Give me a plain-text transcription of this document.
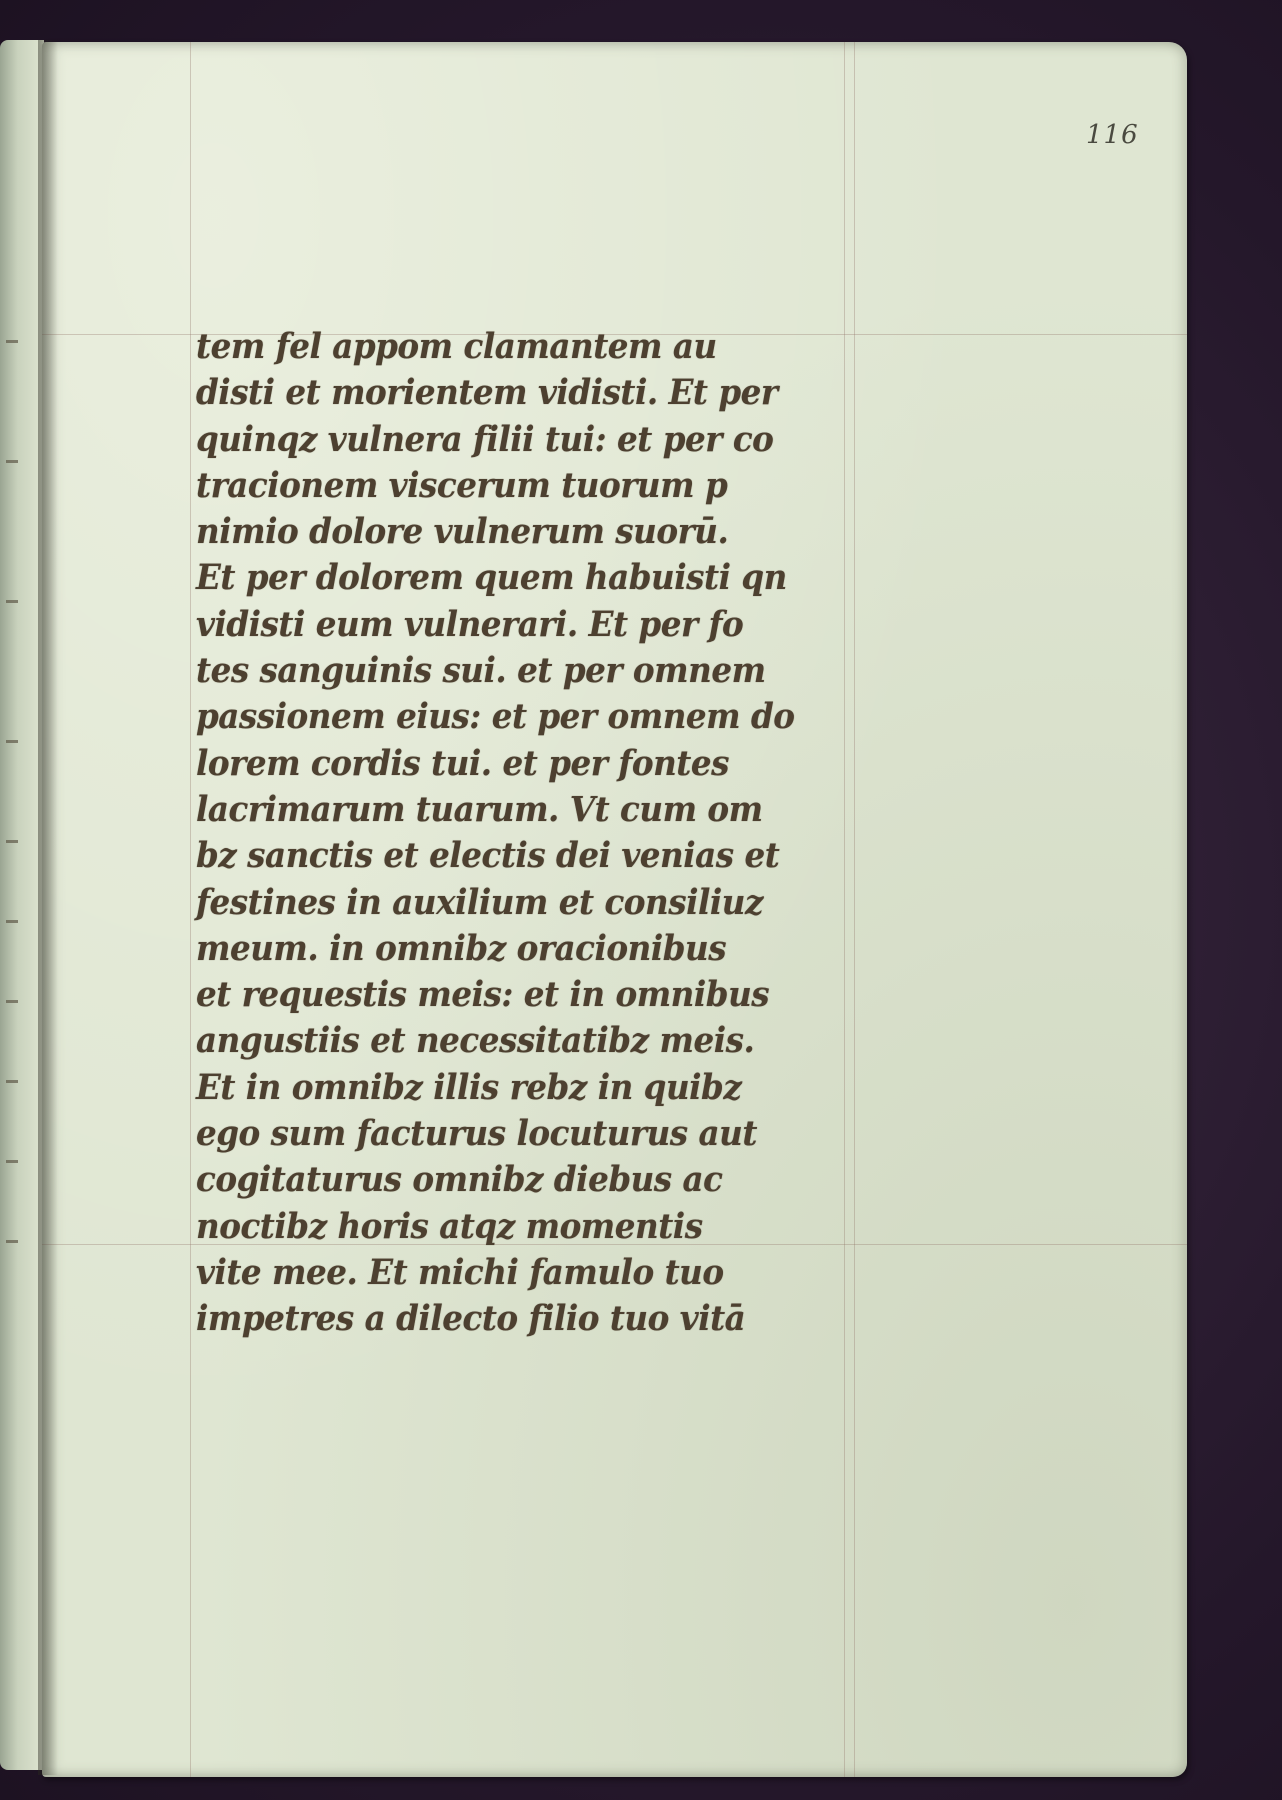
116
tem fel appom clamantem au
disti et morientem vidisti. Et per
quinqz vulnera filii tui: et per co
tracionem viscerum tuorum p
nimio dolore vulnerum suorū.
Et per dolorem quem habuisti qn
vidisti eum vulnerari. Et per fo
tes sanguinis sui. et per omnem
passionem eius: et per omnem do
lorem cordis tui. et per fontes
lacrimarum tuarum. Vt cum om
bz sanctis et electis dei venias et
festines in auxilium et consiliuz
meum. in omnibz oracionibus
et requestis meis: et in omnibus
angustiis et necessitatibz meis.
Et in omnibz illis rebz in quibz
ego sum facturus locuturus aut
cogitaturus omnibz diebus ac
noctibz horis atqz momentis
vite mee. Et michi famulo tuo
impetres a dilecto filio tuo vitā
